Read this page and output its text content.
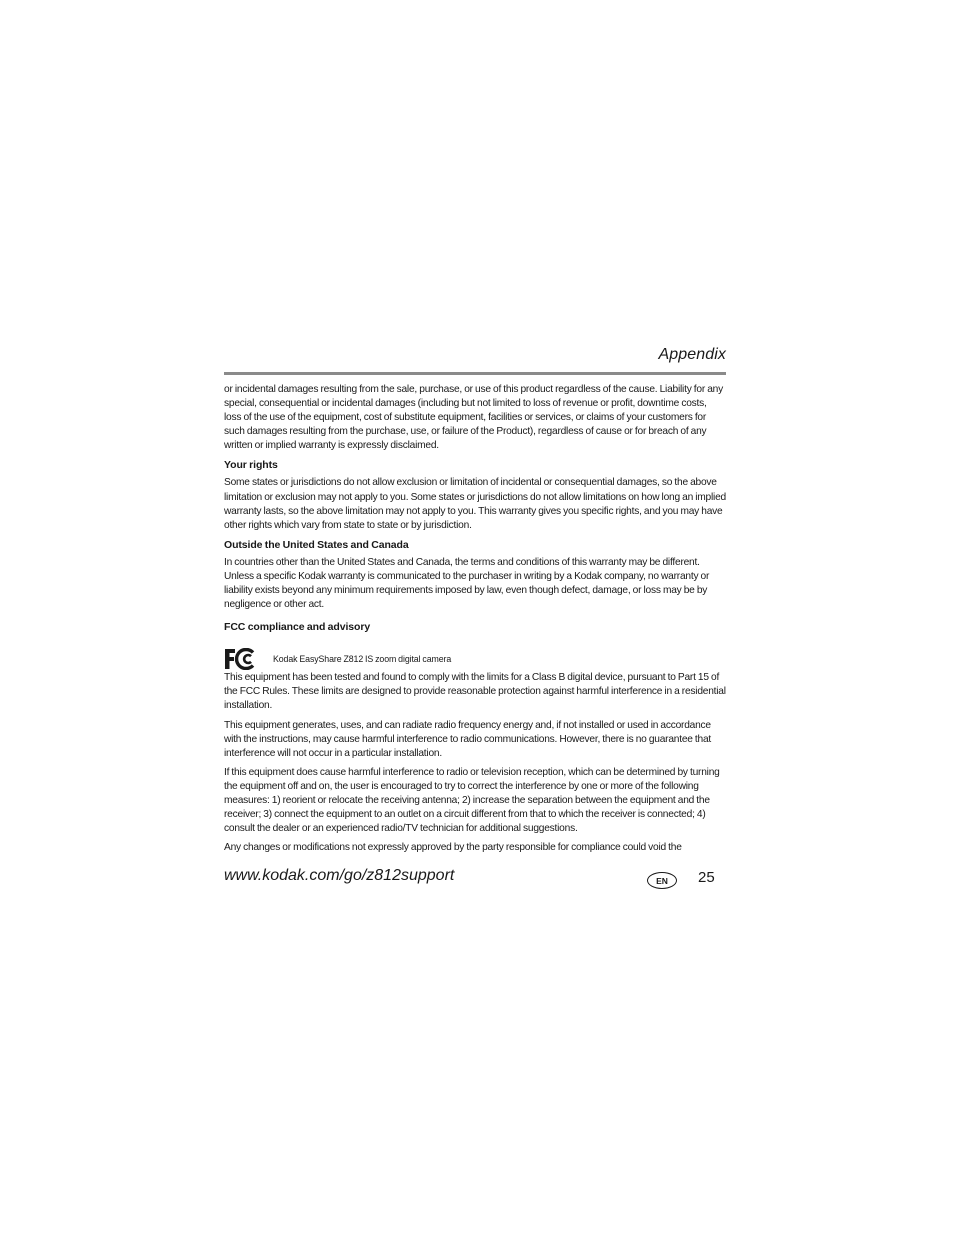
Appendix

or incidental damages resulting from the sale, purchase, or use of this product regardless of the cause. Liability for any special, consequential or incidental damages (including but not limited to loss of revenue or profit, downtime costs, loss of the use of the equipment, cost of substitute equipment, facilities or services, or claims of your customers for such damages resulting from the purchase, use, or failure of the Product), regardless of cause or for breach of any written or implied warranty is expressly disclaimed.

Your rights

Some states or jurisdictions do not allow exclusion or limitation of incidental or consequential damages, so the above limitation or exclusion may not apply to you. Some states or jurisdictions do not allow limitations on how long an implied warranty lasts, so the above limitation may not apply to you. This warranty gives you specific rights, and you may have other rights which vary from state to state or by jurisdiction.

Outside the United States and Canada

In countries other than the United States and Canada, the terms and conditions of this warranty may be different. Unless a specific Kodak warranty is communicated to the purchaser in writing by a Kodak company, no warranty or liability exists beyond any minimum requirements imposed by law, even though defect, damage, or loss may be by negligence or other act.

FCC compliance and advisory
Kodak EasyShare Z812 IS zoom digital camera

This equipment has been tested and found to comply with the limits for a Class B digital device, pursuant to Part 15 of the FCC Rules. These limits are designed to provide reasonable protection against harmful interference in a residential installation.

This equipment generates, uses, and can radiate radio frequency energy and, if not installed or used in accordance with the instructions, may cause harmful interference to radio communications. However, there is no guarantee that interference will not occur in a particular installation.

If this equipment does cause harmful interference to radio or television reception, which can be determined by turning the equipment off and on, the user is encouraged to try to correct the interference by one or more of the following measures: 1) reorient or relocate the receiving antenna; 2) increase the separation between the equipment and the receiver; 3) connect the equipment to an outlet on a circuit different from that to which the receiver is connected; 4) consult the dealer or an experienced radio/TV technician for additional suggestions.

Any changes or modifications not expressly approved by the party responsible for compliance could void the

www.kodak.com/go/z812support	EN	25
